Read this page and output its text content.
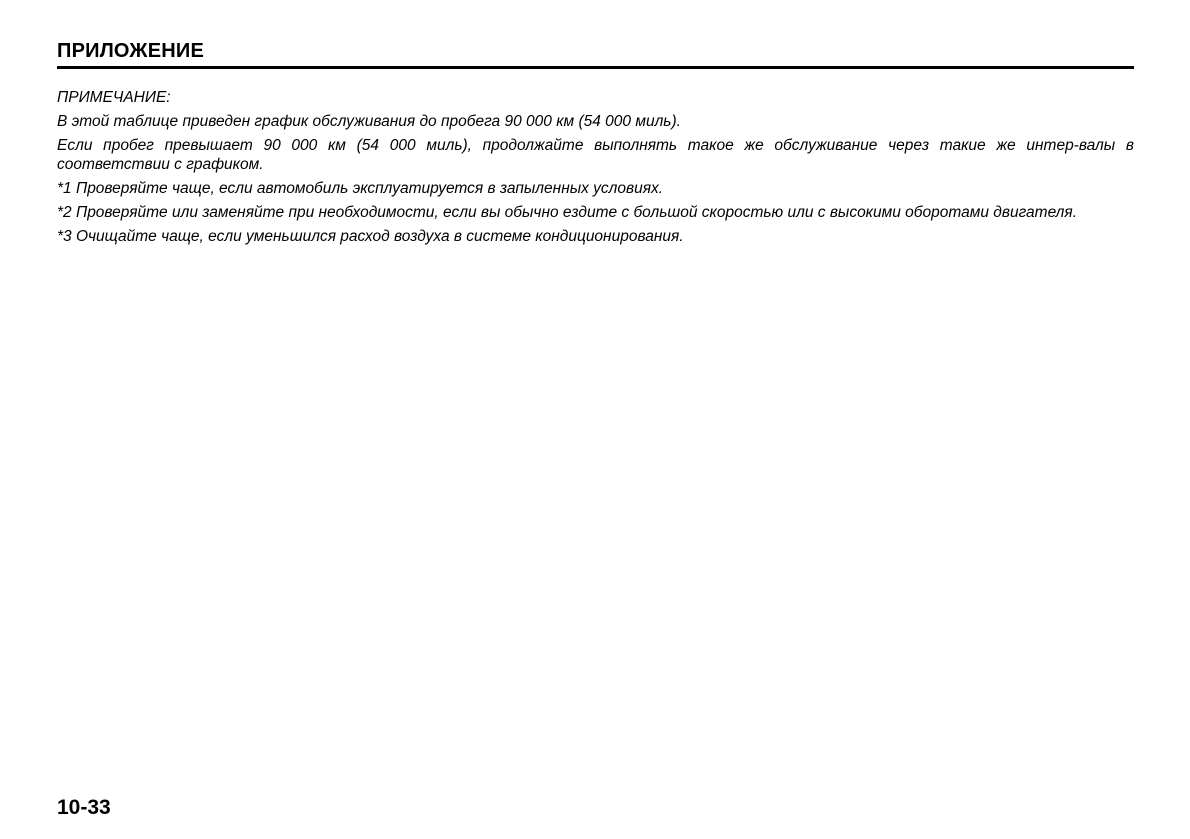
ПРИЛОЖЕНИЕ

ПРИМЕЧАНИЕ:

В этой таблице приведен график обслуживания до пробега 90 000 км (54 000 миль).

Если пробег превышает 90 000 км (54 000 миль), продолжайте выполнять такое же обслуживание через такие же интер-валы в соответствии с графиком.

*1 Проверяйте чаще, если автомобиль эксплуатируется в запыленных условиях.

*2 Проверяйте или заменяйте при необходимости, если вы обычно ездите с большой скоростью или с высокими оборотами двигателя.

*3 Очищайте чаще, если уменьшился расход воздуха в системе кондиционирования.

10-33
